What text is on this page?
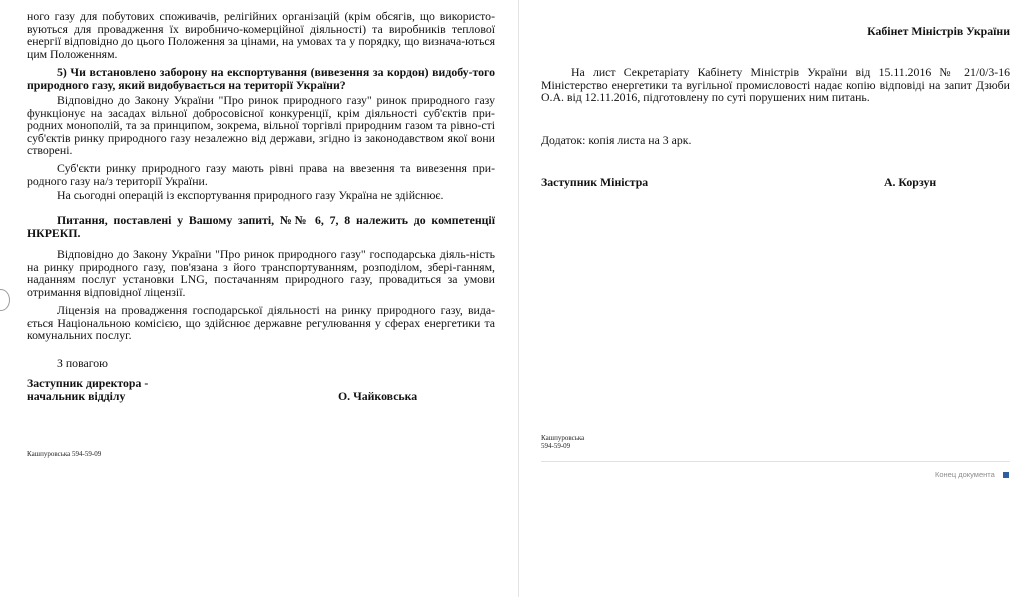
ного газу для побутових споживачів, релігійних організацій (крім обсягів, що використо-вуються для провадження їх виробничо-комерційної діяльності) та виробників теплової енергії відповідно до цього Положення за цінами, на умовах та у порядку, що визнача-ються цим Положенням.

5) Чи встановлено заборону на експортування (вивезення за кордон) видобу-того природного газу, який видобувається на території України?

Відповідно до Закону України "Про ринок природного газу" ринок природного газу функціонує на засадах вільної добросовісної конкуренції, крім діяльності суб'єктів при-родних монополій, та за принципом, зокрема, вільної торгівлі природним газом та рівно-сті суб'єктів ринку природного газу незалежно від держави, згідно із законодавством якої вони створені.

Суб'єкти ринку природного газу мають рівні права на ввезення та вивезення при-родного газу на/з території України.

На сьогодні операцій із експортування природного газу Україна не здійснює.

Питання, поставлені у Вашому запиті, №№ 6, 7, 8 належить до компетенції НКРЕКП.

Відповідно до Закону України "Про ринок природного газу" господарська діяль-ність на ринку природного газу, пов'язана з його транспортуванням, розподілом, зберi-ганням, наданням послуг установки LNG, постачанням природного газу, провадиться за умови отримання відповідної ліцензії.

Ліцензія на провадження господарської діяльності на ринку природного газу, вида-ється Національною комісією, що здійснює державне регулювання у сферах енергетики та комунальних послуг.

З повагою

Заступник директора -

начальник відділу	О. Чайковська

Кашпуровська 594-59-09

Кабінет Міністрів України

На лист Секретаріату Кабінету Міністрів України від 15.11.2016 № 21/0/3-16 Міністерство енергетики та вугільної промисловості надає копію відповіді на запит Дзюби О.А. від 12.11.2016, підготовлену по суті порушених ним питань.

Додаток: копія листа на 3 арк.

Заступник Міністра	А. Корзун

Кашпуровська

594-59-09

Конец документа
